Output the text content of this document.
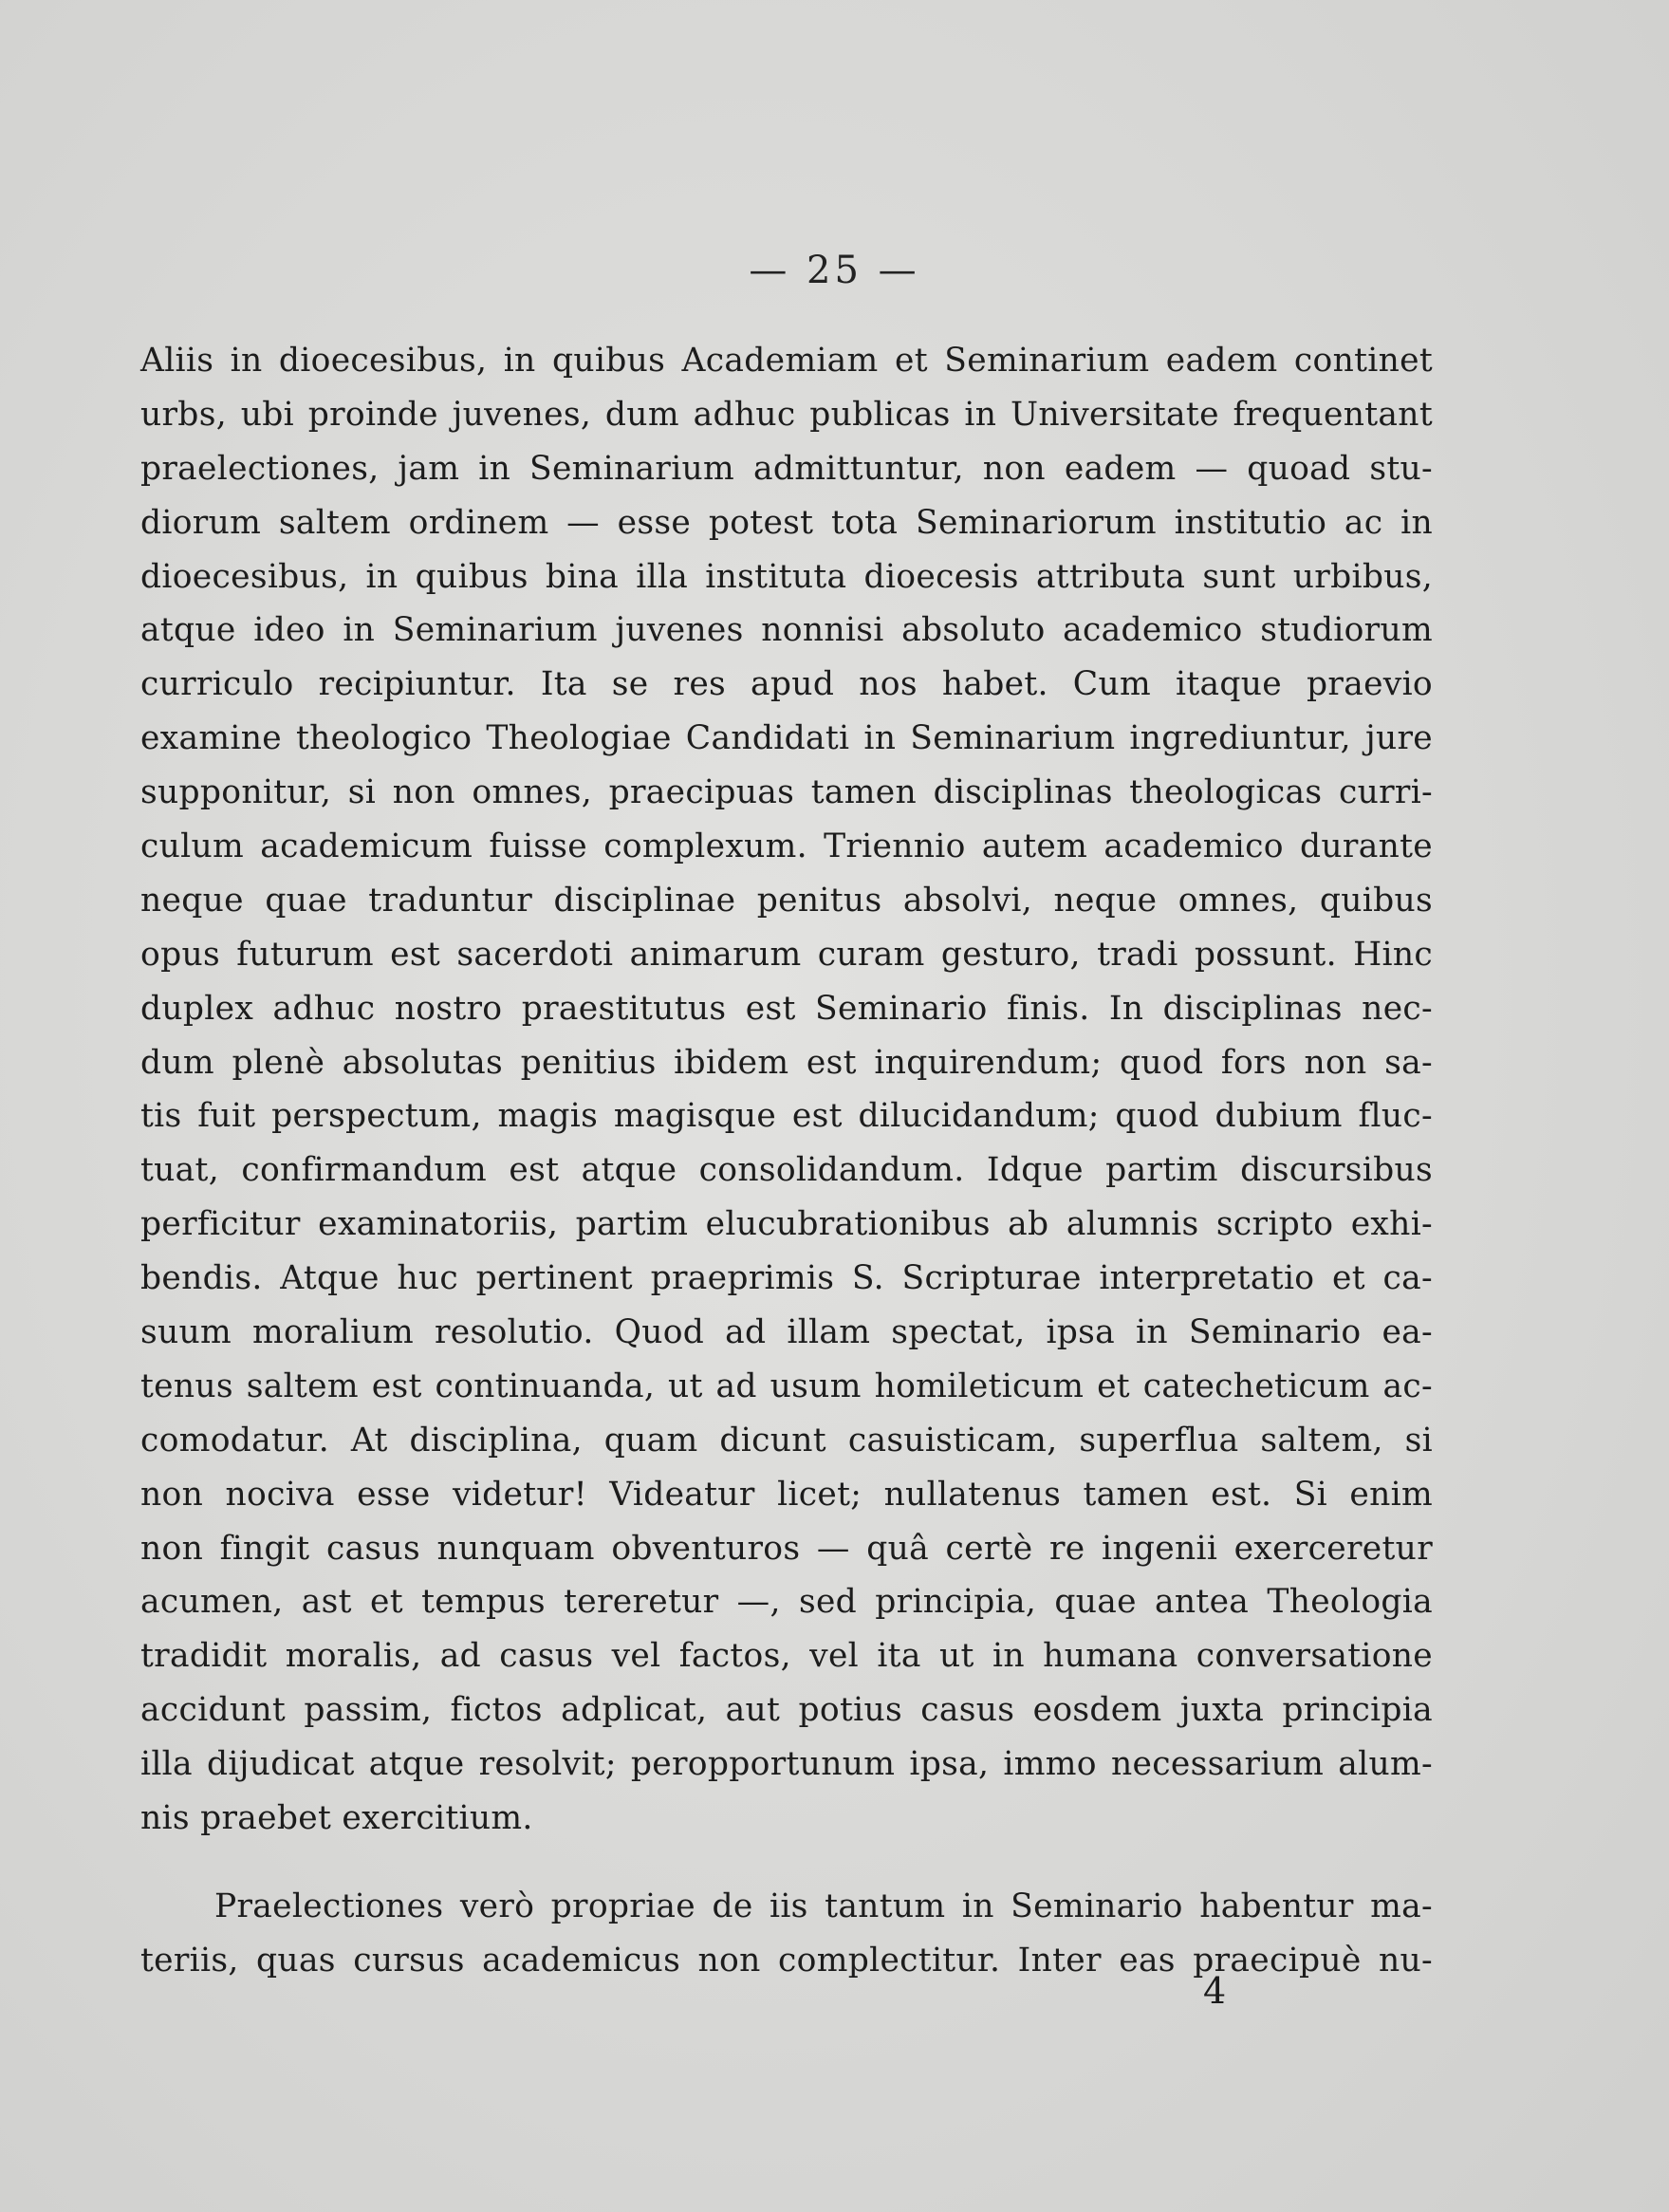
— 25 —
Aliis in dioecesibus, in quibus Academiam et Seminarium eadem continet
urbs, ubi proinde juvenes, dum adhuc publicas in Universitate frequentant
praelectiones, jam in Seminarium admittuntur, non eadem — quoad stu-
diorum saltem ordinem — esse potest tota Seminariorum institutio ac in
dioecesibus, in quibus bina illa instituta dioecesis attributa sunt urbibus,
atque ideo in Seminarium juvenes nonnisi absoluto academico studiorum
curriculo recipiuntur. Ita se res apud nos habet. Cum itaque praevio
examine theologico Theologiae Candidati in Seminarium ingrediuntur, jure
supponitur, si non omnes, praecipuas tamen disciplinas theologicas curri-
culum academicum fuisse complexum. Triennio autem academico durante
neque quae traduntur disciplinae penitus absolvi, neque omnes, quibus
opus futurum est sacerdoti animarum curam gesturo, tradi possunt. Hinc
duplex adhuc nostro praestitutus est Seminario finis. In disciplinas nec-
dum plenè absolutas penitius ibidem est inquirendum; quod fors non sa-
tis fuit perspectum, magis magisque est dilucidandum; quod dubium fluc-
tuat, confirmandum est atque consolidandum. Idque partim discursibus
perficitur examinatoriis, partim elucubrationibus ab alumnis scripto exhi-
bendis. Atque huc pertinent praeprimis S. Scripturae interpretatio et ca-
suum moralium resolutio. Quod ad illam spectat, ipsa in Seminario ea-
tenus saltem est continuanda, ut ad usum homileticum et catecheticum ac-
comodatur. At disciplina, quam dicunt casuisticam, superflua saltem, si
non nociva esse videtur! Videatur licet; nullatenus tamen est. Si enim
non fingit casus nunquam obventuros — quâ certè re ingenii exerceretur
acumen, ast et tempus tereretur —, sed principia, quae antea Theologia
tradidit moralis, ad casus vel factos, vel ita ut in humana conversatione
accidunt passim, fictos adplicat, aut potius casus eosdem juxta principia
illa dijudicat atque resolvit; peropportunum ipsa, immo necessarium alum-
nis praebet exercitium.
Praelectiones verò propriae de iis tantum in Seminario habentur ma-
teriis, quas cursus academicus non complectitur. Inter eas praecipuè nu-
4
